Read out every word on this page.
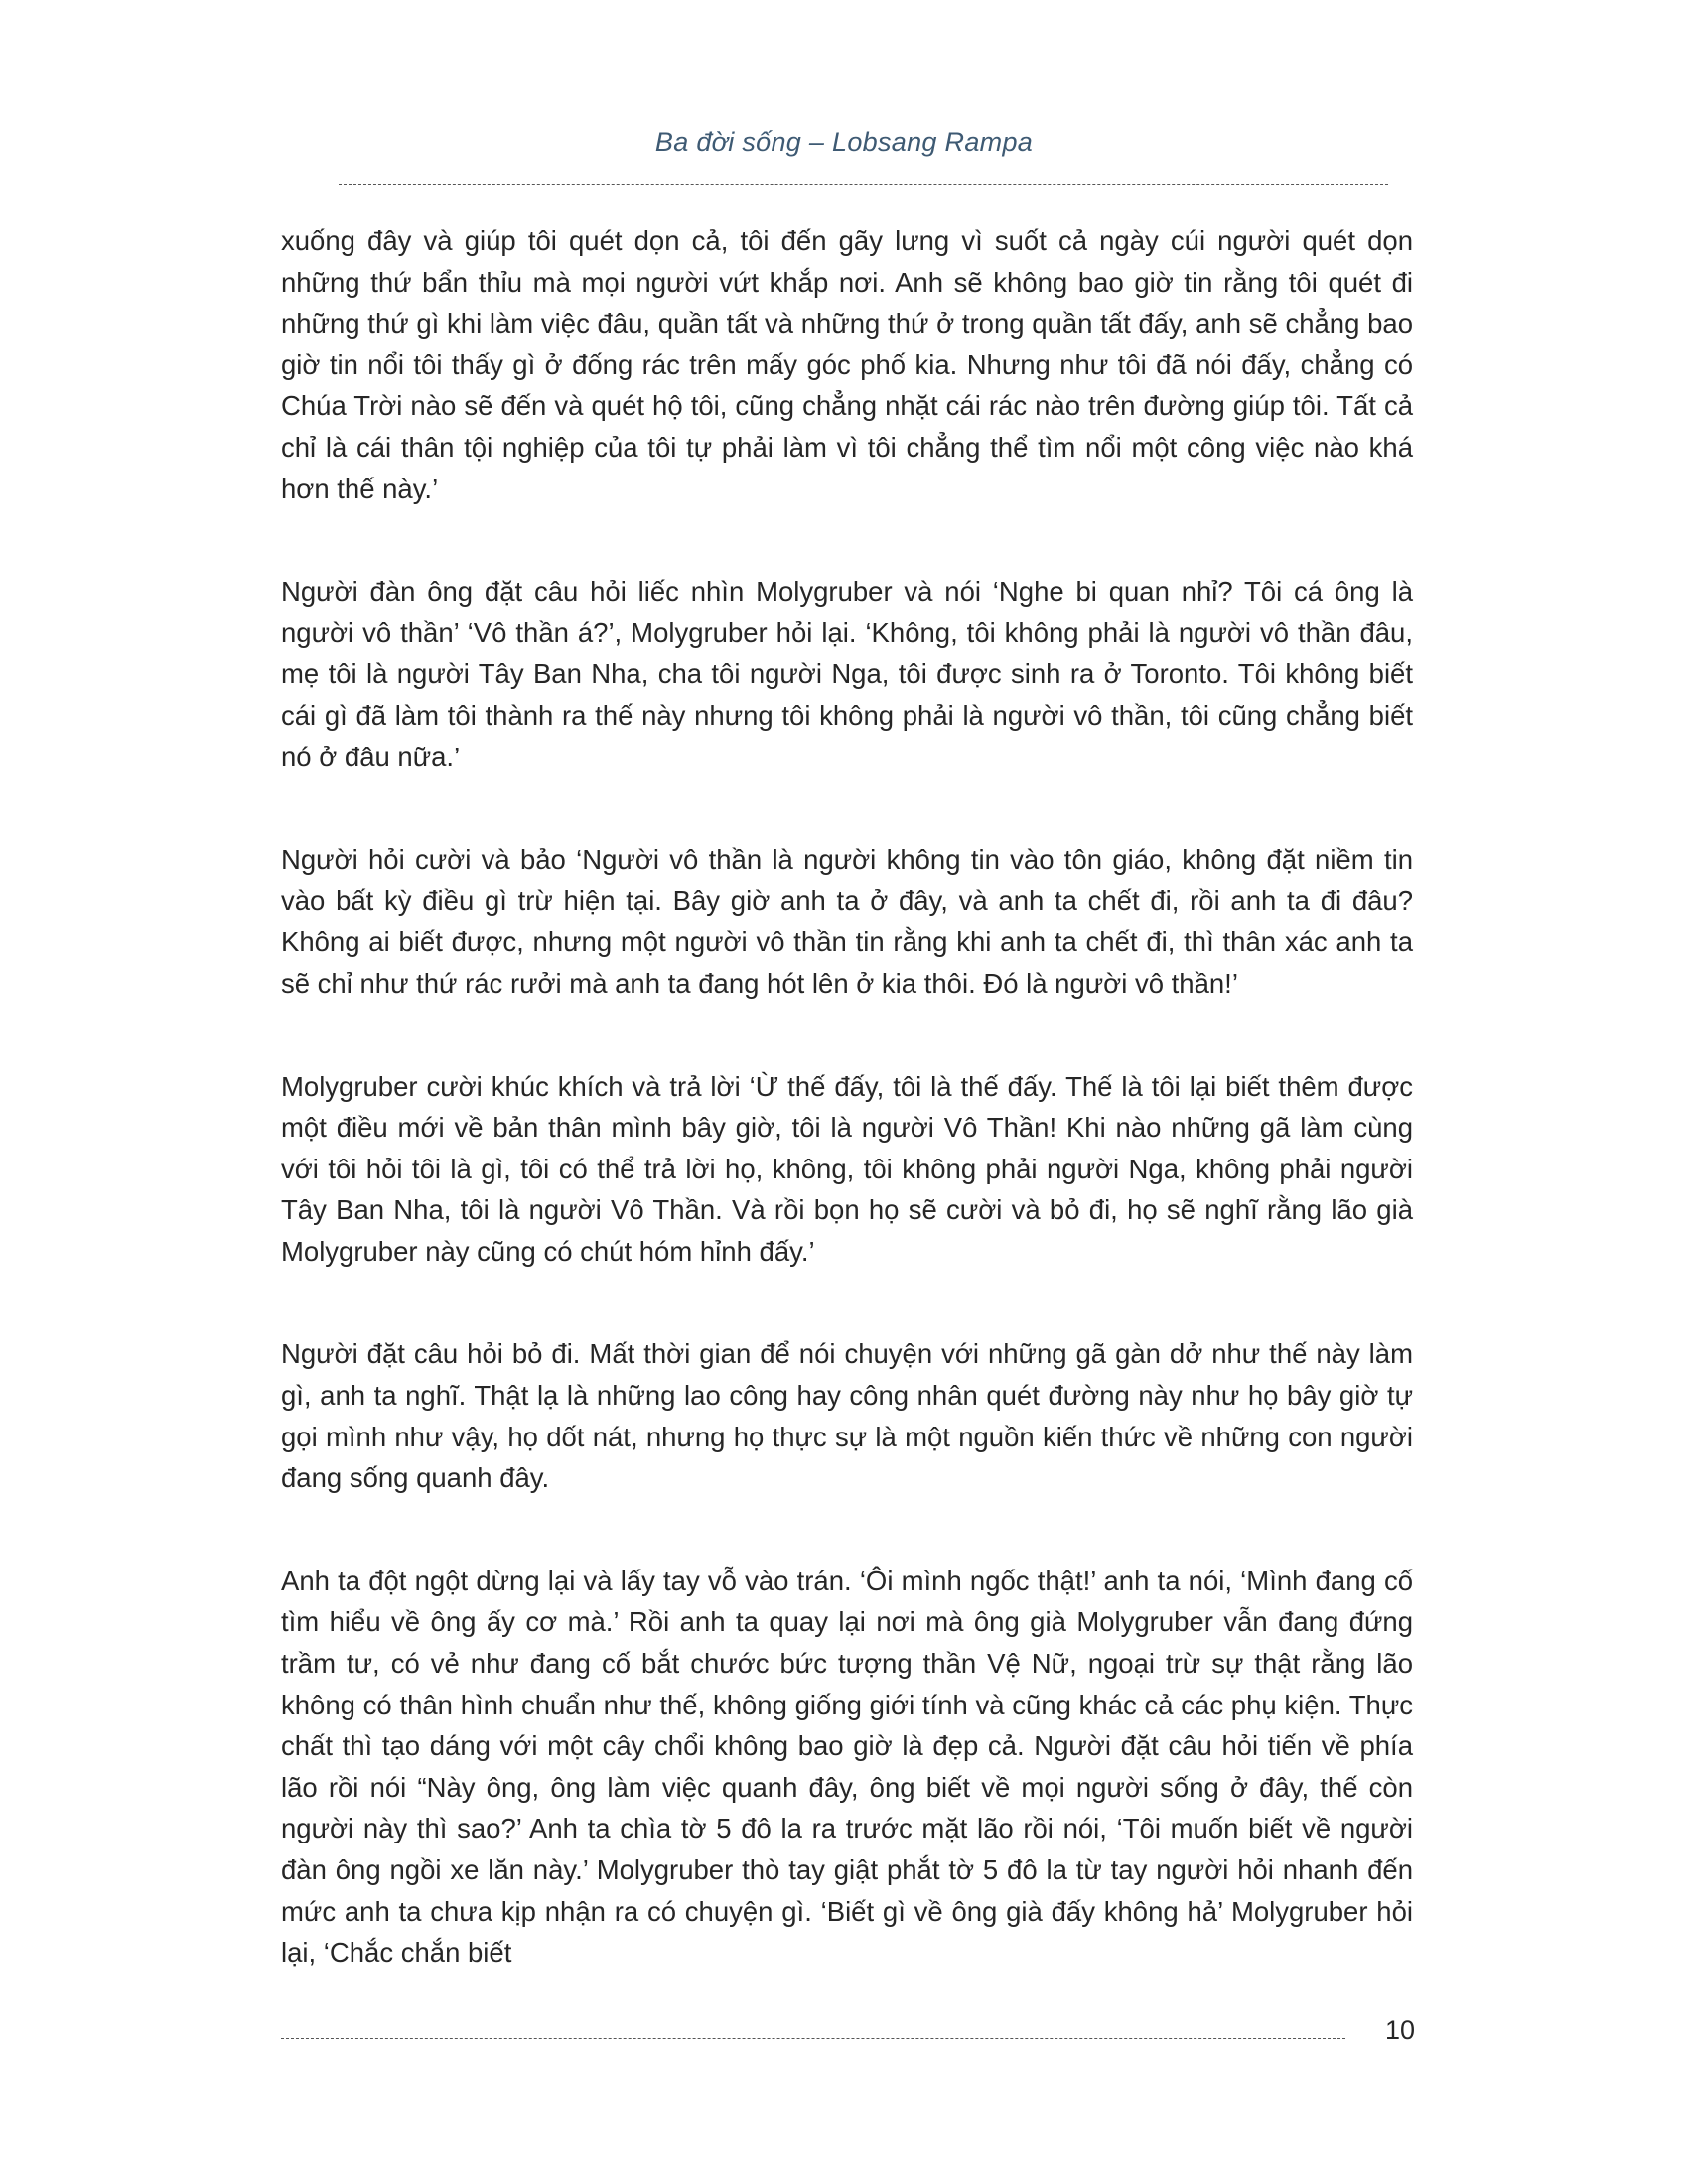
Ba đời sống – Lobsang Rampa

xuống đây và giúp tôi quét dọn cả, tôi đến gãy lưng vì suốt cả ngày cúi người quét dọn những thứ bẩn thỉu mà mọi người vứt khắp nơi. Anh sẽ không bao giờ tin rằng tôi quét đi những thứ gì khi làm việc đâu, quần tất và những thứ ở trong quần tất đấy, anh sẽ chẳng bao giờ tin nổi tôi thấy gì ở đống rác trên mấy góc phố kia. Nhưng như tôi đã nói đấy, chẳng có Chúa Trời nào sẽ đến và quét hộ tôi, cũng chẳng nhặt cái rác nào trên đường giúp tôi. Tất cả chỉ là cái thân tội nghiệp của tôi tự phải làm vì tôi chẳng thể tìm nổi một công việc nào khá hơn thế này.’

Người đàn ông đặt câu hỏi liếc nhìn Molygruber và nói ‘Nghe bi quan nhỉ? Tôi cá ông là người vô thần’ ‘Vô thần á?’, Molygruber hỏi lại. ‘Không, tôi không phải là người vô thần đâu, mẹ tôi là người Tây Ban Nha, cha tôi người Nga, tôi được sinh ra ở Toronto. Tôi không biết cái gì đã làm tôi thành ra thế này nhưng tôi không phải là người vô thần, tôi cũng chẳng biết nó ở đâu nữa.’

Người hỏi cười và bảo ‘Người vô thần là người không tin vào tôn giáo, không đặt niềm tin vào bất kỳ điều gì trừ hiện tại. Bây giờ anh ta ở đây, và anh ta chết đi, rồi anh ta đi đâu? Không ai biết được, nhưng một người vô thần tin rằng khi anh ta chết đi, thì thân xác anh ta sẽ chỉ như thứ rác rưởi mà anh ta đang hót lên ở kia thôi. Đó là người vô thần!’

Molygruber cười khúc khích và trả lời ‘Ừ thế đấy, tôi là thế đấy. Thế là tôi lại biết thêm được một điều mới về bản thân mình bây giờ, tôi là người Vô Thần! Khi nào những gã làm cùng với tôi hỏi tôi là gì, tôi có thể trả lời họ, không, tôi không phải người Nga, không phải người Tây Ban Nha, tôi là người Vô Thần. Và rồi bọn họ sẽ cười và bỏ đi, họ sẽ nghĩ rằng lão già Molygruber này cũng có chút hóm hỉnh đấy.’

Người đặt câu hỏi bỏ đi. Mất thời gian để nói chuyện với những gã gàn dở như thế này làm gì, anh ta nghĩ. Thật lạ là những lao công hay công nhân quét đường này như họ bây giờ tự gọi mình như vậy, họ dốt nát, nhưng họ thực sự là một nguồn kiến thức về những con người đang sống quanh đây.

Anh ta đột ngột dừng lại và lấy tay vỗ vào trán. ‘Ôi mình ngốc thật!’ anh ta nói, ‘Mình đang cố tìm hiểu về ông ấy cơ mà.’ Rồi anh ta quay lại nơi mà ông già Molygruber vẫn đang đứng trầm tư, có vẻ như đang cố bắt chước bức tượng thần Vệ Nữ, ngoại trừ sự thật rằng lão không có thân hình chuẩn như thế, không giống giới tính và cũng khác cả các phụ kiện. Thực chất thì tạo dáng với một cây chổi không bao giờ là đẹp cả. Người đặt câu hỏi tiến về phía lão rồi nói “Này ông, ông làm việc quanh đây, ông biết về mọi người sống ở đây, thế còn người này thì sao?’ Anh ta chìa tờ 5 đô la ra trước mặt lão rồi nói, ‘Tôi muốn biết về người đàn ông ngồi xe lăn này.’ Molygruber thò tay giật phắt tờ 5 đô la từ tay người hỏi nhanh đến mức anh ta chưa kịp nhận ra có chuyện gì. ‘Biết gì về ông già đấy không hả’ Molygruber hỏi lại, ‘Chắc chắn biết

10
